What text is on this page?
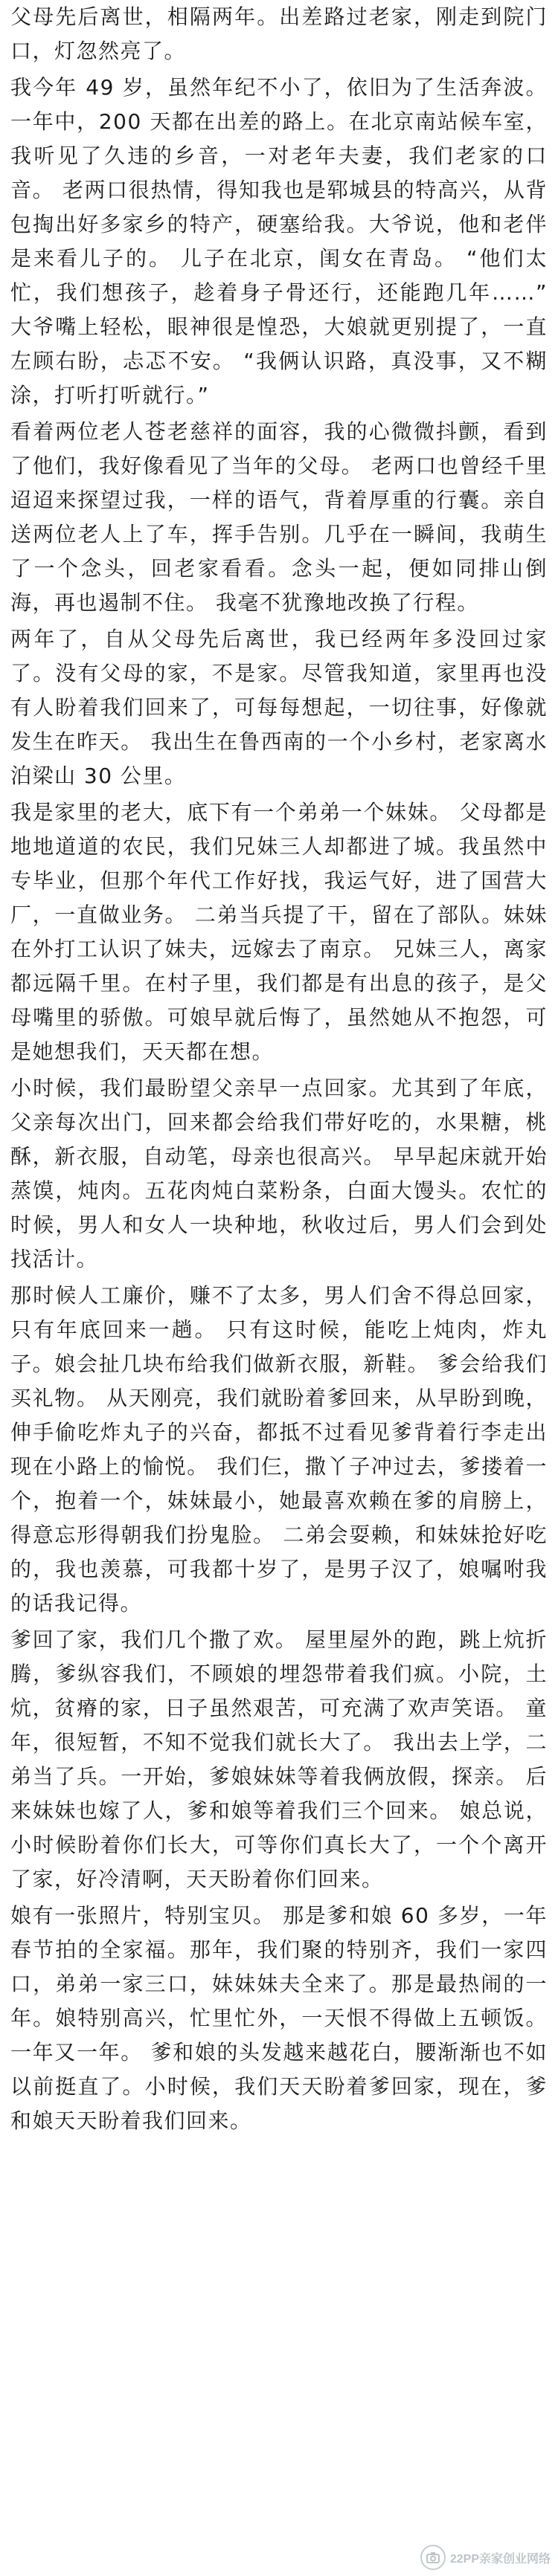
父母先后离世，相隔两年。出差路过老家，刚走到院门口，灯忽然亮了。

我今年 49 岁，虽然年纪不小了，依旧为了生活奔波。一年中，200 天都在出差的路上。在北京南站候车室，我听见了久违的乡音，一对老年夫妻，我们老家的口音。 老两口很热情，得知我也是郓城县的特高兴，从背包掏出好多家乡的特产，硬塞给我。大爷说，他和老伴是来看儿子的。 儿子在北京，闺女在青岛。 “他们太忙，我们想孩子，趁着身子骨还行，还能跑几年……” 大爷嘴上轻松，眼神很是惶恐，大娘就更别提了，一直左顾右盼，忐忑不安。 “我俩认识路，真没事，又不糊涂，打听打听就行。”

看着两位老人苍老慈祥的面容，我的心微微抖颤，看到了他们，我好像看见了当年的父母。 老两口也曾经千里迢迢来探望过我，一样的语气，背着厚重的行囊。亲自送两位老人上了车，挥手告别。几乎在一瞬间，我萌生了一个念头，回老家看看。念头一起，便如同排山倒海，再也遏制不住。 我毫不犹豫地改换了行程。

两年了，自从父母先后离世，我已经两年多没回过家了。没有父母的家，不是家。尽管我知道，家里再也没有人盼着我们回来了，可每每想起，一切往事，好像就发生在昨天。 我出生在鲁西南的一个小乡村，老家离水泊梁山 30 公里。

我是家里的老大，底下有一个弟弟一个妹妹。 父母都是地地道道的农民，我们兄妹三人却都进了城。我虽然中专毕业，但那个年代工作好找，我运气好，进了国营大厂，一直做业务。 二弟当兵提了干，留在了部队。妹妹在外打工认识了妹夫，远嫁去了南京。 兄妹三人，离家都远隔千里。在村子里，我们都是有出息的孩子，是父母嘴里的骄傲。可娘早就后悔了，虽然她从不抱怨，可是她想我们，天天都在想。

小时候，我们最盼望父亲早一点回家。尤其到了年底，父亲每次出门，回来都会给我们带好吃的，水果糖，桃酥，新衣服，自动笔，母亲也很高兴。 早早起床就开始蒸馍，炖肉。五花肉炖白菜粉条，白面大馒头。农忙的时候，男人和女人一块种地，秋收过后，男人们会到处找活计。

那时候人工廉价，赚不了太多，男人们舍不得总回家，只有年底回来一趟。 只有这时候，能吃上炖肉，炸丸子。娘会扯几块布给我们做新衣服，新鞋。 爹会给我们买礼物。 从天刚亮，我们就盼着爹回来，从早盼到晚，伸手偷吃炸丸子的兴奋，都抵不过看见爹背着行李走出现在小路上的愉悦。 我们仨，撒丫子冲过去，爹搂着一个，抱着一个，妹妹最小，她最喜欢赖在爹的肩膀上，得意忘形得朝我们扮鬼脸。 二弟会耍赖，和妹妹抢好吃的，我也羡慕，可我都十岁了，是男子汉了，娘嘱咐我的话我记得。

爹回了家，我们几个撒了欢。 屋里屋外的跑，跳上炕折腾，爹纵容我们，不顾娘的埋怨带着我们疯。小院，土炕，贫瘠的家，日子虽然艰苦，可充满了欢声笑语。 童年，很短暂，不知不觉我们就长大了。 我出去上学，二弟当了兵。一开始，爹娘妹妹等着我俩放假，探亲。 后来妹妹也嫁了人，爹和娘等着我们三个回来。 娘总说，小时候盼着你们长大，可等你们真长大了，一个个离开了家，好冷清啊，天天盼着你们回来。

娘有一张照片，特别宝贝。 那是爹和娘 60 多岁，一年春节拍的全家福。那年，我们聚的特别齐，我们一家四口，弟弟一家三口，妹妹妹夫全来了。那是最热闹的一年。娘特别高兴，忙里忙外，一天恨不得做上五顿饭。 一年又一年。 爹和娘的头发越来越花白，腰渐渐也不如以前挺直了。小时候，我们天天盼着爹回家，现在，爹和娘天天盼着我们回来。

22PP亲家创业网络
